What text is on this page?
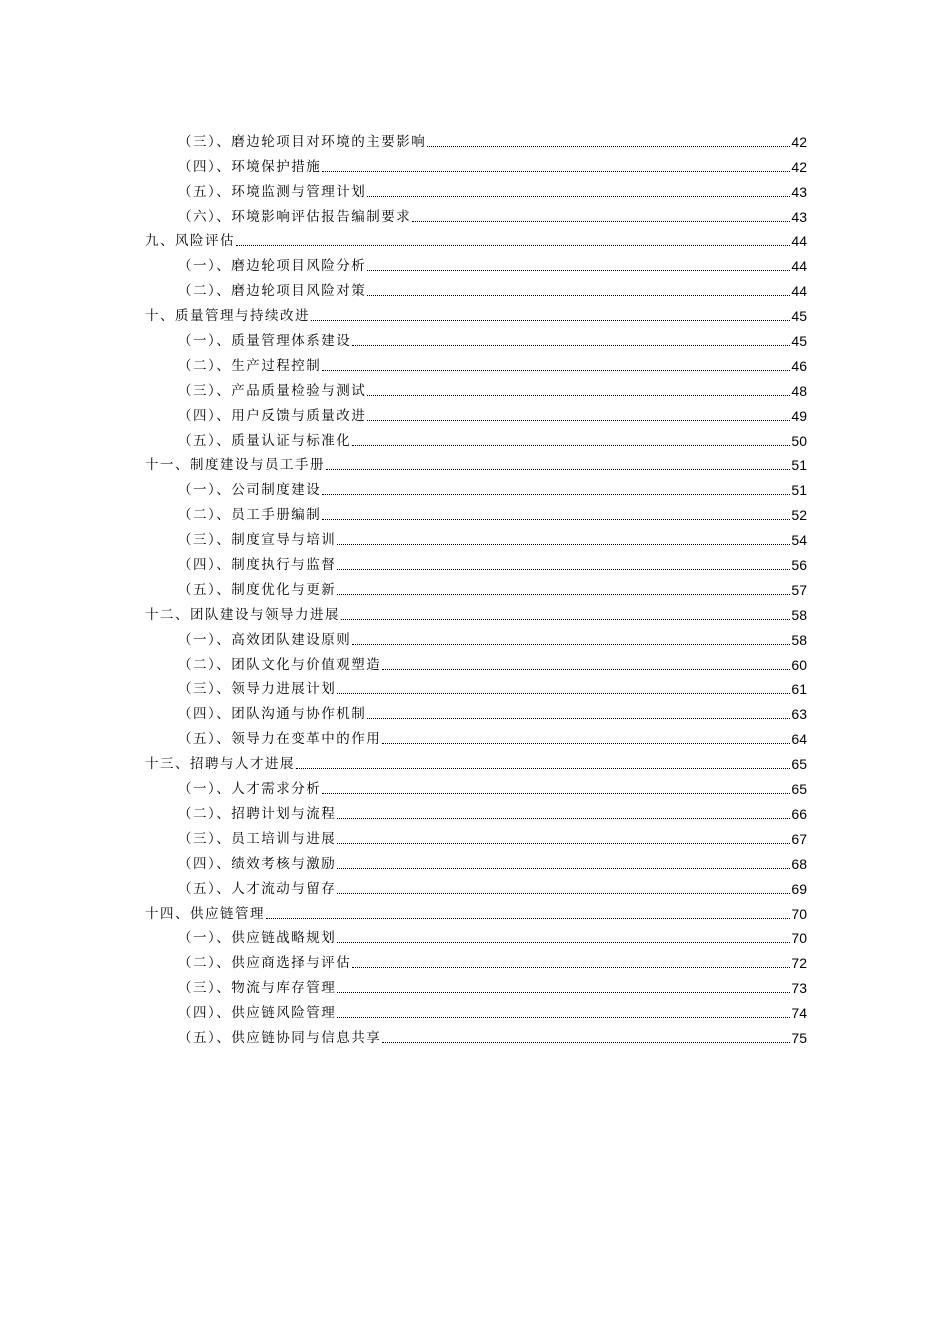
（三）、磨边轮项目对环境的主要影响	42
（四）、环境保护措施	42
（五）、环境监测与管理计划	43
（六）、环境影响评估报告编制要求	43
九、风险评估	44
（一）、磨边轮项目风险分析	44
（二）、磨边轮项目风险对策	44
十、质量管理与持续改进	45
（一）、质量管理体系建设	45
（二）、生产过程控制	46
（三）、产品质量检验与测试	48
（四）、用户反馈与质量改进	49
（五）、质量认证与标准化	50
十一、制度建设与员工手册	51
（一）、公司制度建设	51
（二）、员工手册编制	52
（三）、制度宣导与培训	54
（四）、制度执行与监督	56
（五）、制度优化与更新	57
十二、团队建设与领导力进展	58
（一）、高效团队建设原则	58
（二）、团队文化与价值观塑造	60
（三）、领导力进展计划	61
（四）、团队沟通与协作机制	63
（五）、领导力在变革中的作用	64
十三、招聘与人才进展	65
（一）、人才需求分析	65
（二）、招聘计划与流程	66
（三）、员工培训与进展	67
（四）、绩效考核与激励	68
（五）、人才流动与留存	69
十四、供应链管理	70
（一）、供应链战略规划	70
（二）、供应商选择与评估	72
（三）、物流与库存管理	73
（四）、供应链风险管理	74
（五）、供应链协同与信息共享	75
